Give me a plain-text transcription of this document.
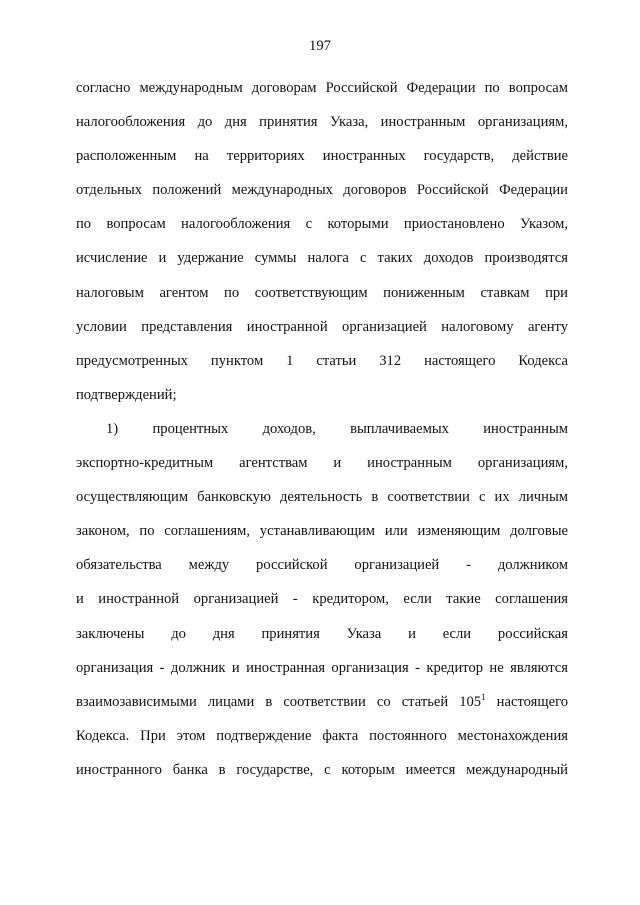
197
согласно международным договорам Российской Федерации по вопросам
налогообложения до дня принятия Указа, иностранным организациям,
расположенным на территориях иностранных государств, действие
отдельных положений международных договоров Российской Федерации
по вопросам налогообложения с которыми приостановлено Указом,
исчисление и удержание суммы налога с таких доходов производятся
налоговым агентом по соответствующим пониженным ставкам при
условии представления иностранной организацией налоговому агенту
предусмотренных пунктом 1 статьи 312 настоящего Кодекса
подтверждений;
1) процентных доходов, выплачиваемых иностранным
экспортно-кредитным агентствам и иностранным организациям,
осуществляющим банковскую деятельность в соответствии с их личным
законом, по соглашениям, устанавливающим или изменяющим долговые
обязательства между российской организацией - должником
и иностранной организацией - кредитором, если такие соглашения
заключены до дня принятия Указа и если российская
организация - должник и иностранная организация - кредитор не являются
взаимозависимыми лицами в соответствии со статьей $105^1$ настоящего
Кодекса. При этом подтверждение факта постоянного местонахождения
иностранного банка в государстве, с которым имеется международный
